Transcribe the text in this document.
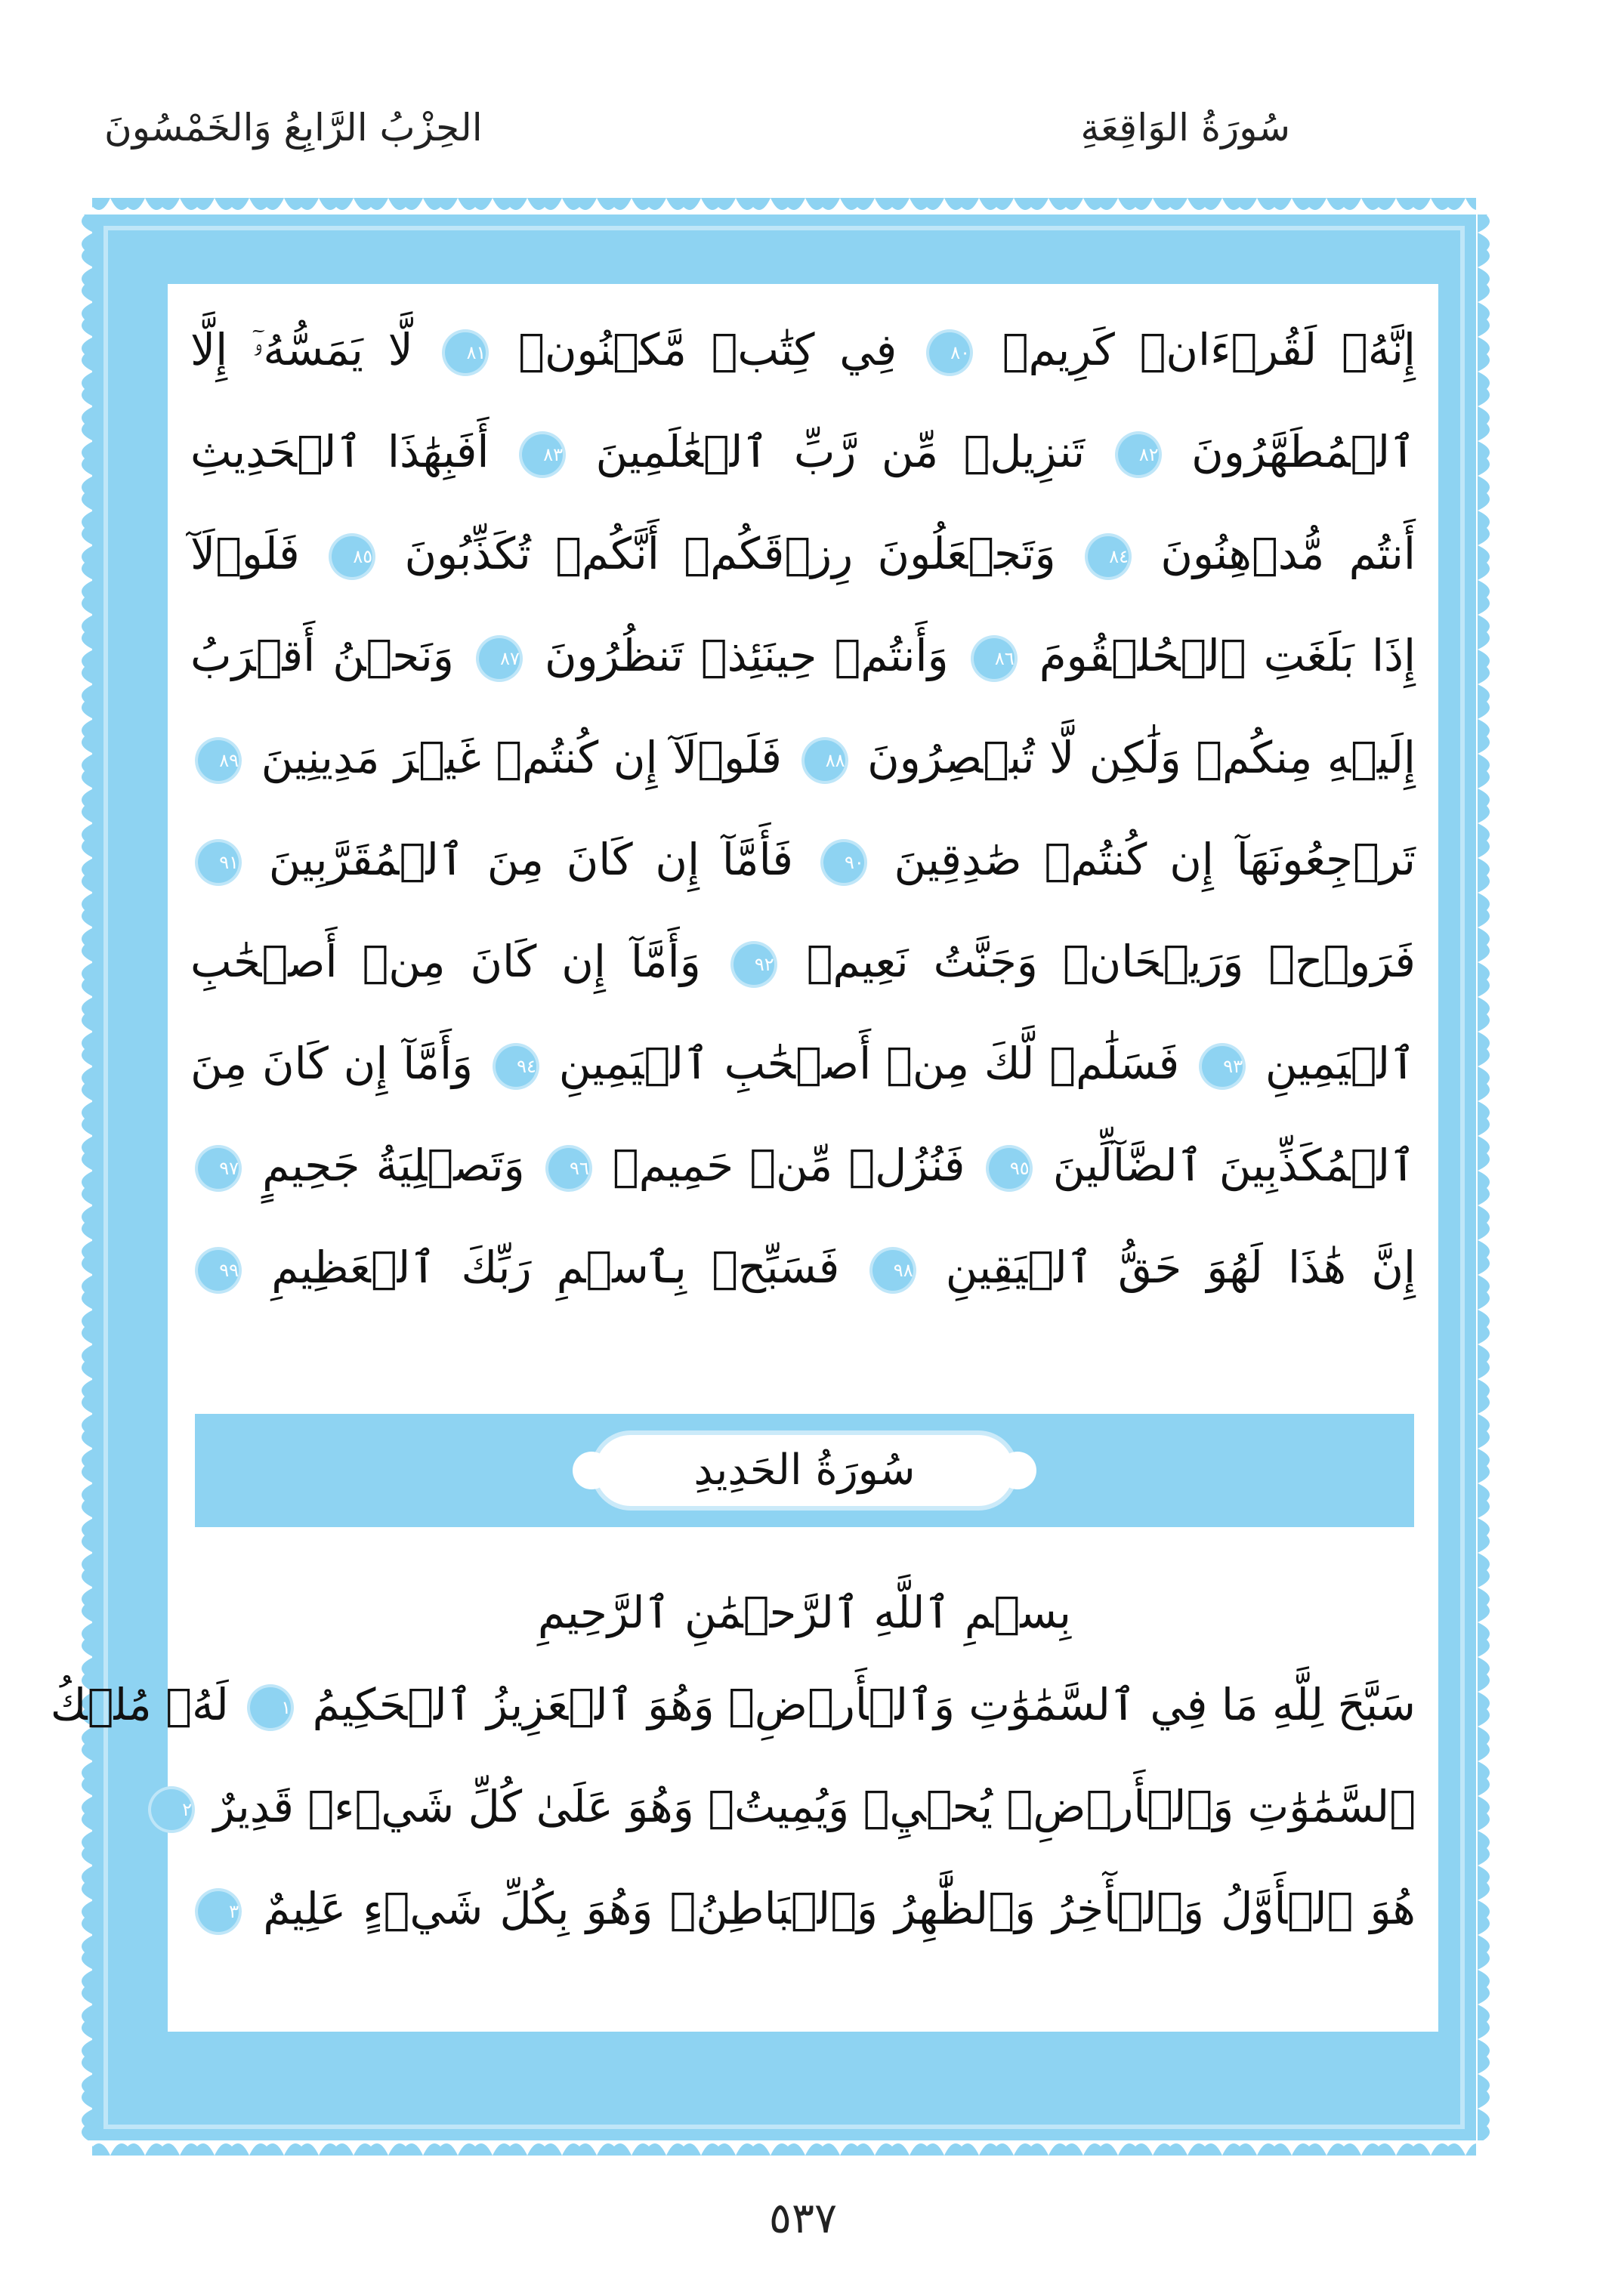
سُورَةُ الوَاقِعَةِ
الحِزْبُ الرَّابِعُ وَالخَمْسُونَ
إِنَّهُۥ لَقُرۡءَانٞ كَرِيمٞ ٨٠ فِي كِتَٰبٖ مَّكۡنُونٖ ٨١ لَّا يَمَسُّهُۥٓ إِلَّا
ٱلۡمُطَهَّرُونَ ٨٢ تَنزِيلٞ مِّن رَّبِّ ٱلۡعَٰلَمِينَ ٨٣ أَفَبِهَٰذَا ٱلۡحَدِيثِ
أَنتُم مُّدۡهِنُونَ ٨٤ وَتَجۡعَلُونَ رِزۡقَكُمۡ أَنَّكُمۡ تُكَذِّبُونَ ٨٥ فَلَوۡلَآ
إِذَا بَلَغَتِ ٱلۡحُلۡقُومَ ٨٦ وَأَنتُمۡ حِينَئِذٖ تَنظُرُونَ ٨٧ وَنَحۡنُ أَقۡرَبُ
إِلَيۡهِ مِنكُمۡ وَلَٰكِن لَّا تُبۡصِرُونَ ٨٨ فَلَوۡلَآ إِن كُنتُمۡ غَيۡرَ مَدِينِينَ ٨٩
تَرۡجِعُونَهَآ إِن كُنتُمۡ صَٰدِقِينَ ٩٠ فَأَمَّآ إِن كَانَ مِنَ ٱلۡمُقَرَّبِينَ ٩١
فَرَوۡحٞ وَرَيۡحَانٞ وَجَنَّتُ نَعِيمٖ ٩٢ وَأَمَّآ إِن كَانَ مِنۡ أَصۡحَٰبِ
ٱلۡيَمِينِ ٩٣ فَسَلَٰمٞ لَّكَ مِنۡ أَصۡحَٰبِ ٱلۡيَمِينِ ٩٤ وَأَمَّآ إِن كَانَ مِنَ
ٱلۡمُكَذِّبِينَ ٱلضَّآلِّينَ ٩٥ فَنُزُلٞ مِّنۡ حَمِيمٖ ٩٦ وَتَصۡلِيَةُ جَحِيمٍ ٩٧
إِنَّ هَٰذَا لَهُوَ حَقُّ ٱلۡيَقِينِ ٩٨ فَسَبِّحۡ بِٱسۡمِ رَبِّكَ ٱلۡعَظِيمِ ٩٩
سُورَةُ الحَدِيدِ
بِسۡمِ ٱللَّهِ ٱلرَّحۡمَٰنِ ٱلرَّحِيمِ
سَبَّحَ لِلَّهِ مَا فِي ٱلسَّمَٰوَٰتِ وَٱلۡأَرۡضِۖ وَهُوَ ٱلۡعَزِيزُ ٱلۡحَكِيمُ ١ لَهُۥ مُلۡكُ
ٱلسَّمَٰوَٰتِ وَٱلۡأَرۡضِۖ يُحۡيِۦ وَيُمِيتُۖ وَهُوَ عَلَىٰ كُلِّ شَيۡءٖ قَدِيرٌ ٢
هُوَ ٱلۡأَوَّلُ وَٱلۡأٓخِرُ وَٱلظَّٰهِرُ وَٱلۡبَاطِنُۖ وَهُوَ بِكُلِّ شَيۡءٍ عَلِيمٌ ٣
٥٣٧
